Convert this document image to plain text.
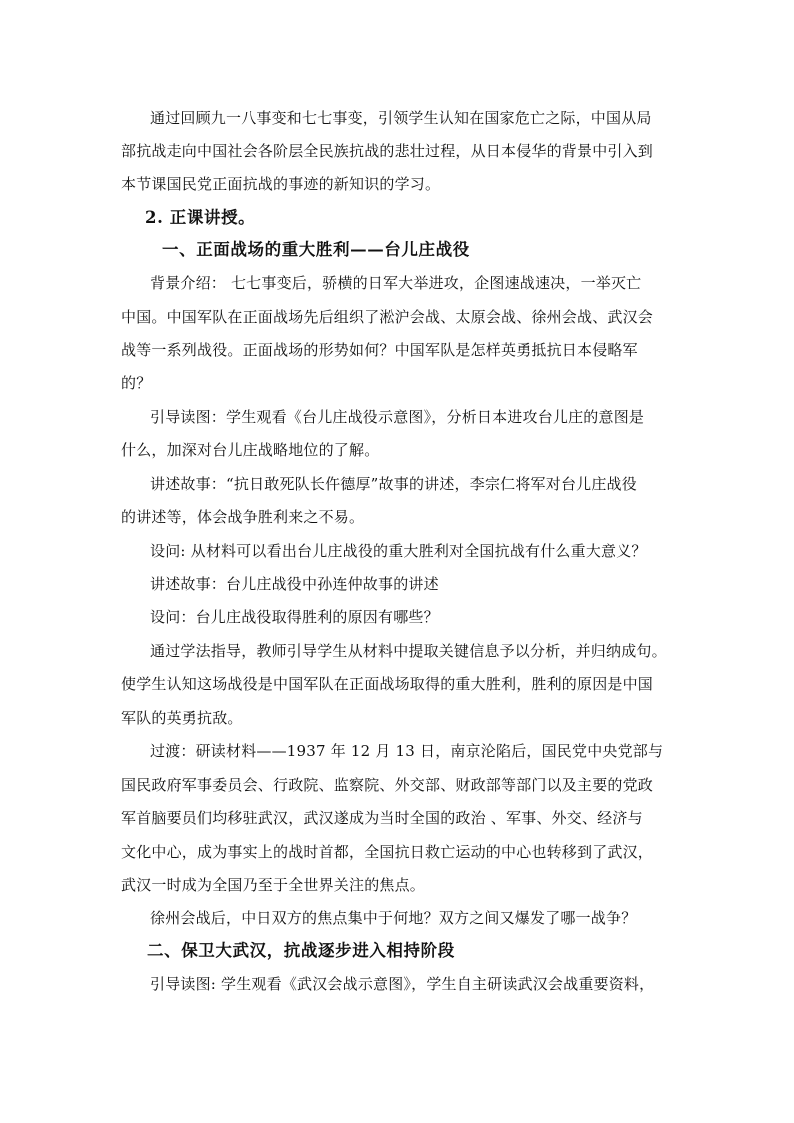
通过回顾九一八事变和七七事变，引领学生认知在国家危亡之际，中国从局
部抗战走向中国社会各阶层全民族抗战的悲壮过程，从日本侵华的背景中引入到
本节课国民党正面抗战的事迹的新知识的学习。
2. 正课讲授。
一、正面战场的重大胜利——台儿庄战役
背景介绍： 七七事变后，骄横的日军大举进攻，企图速战速决，一举灭亡
中国。中国军队在正面战场先后组织了淞沪会战、太原会战、徐州会战、武汉会
战等一系列战役。正面战场的形势如何？中国军队是怎样英勇抵抗日本侵略军
的？
引导读图：学生观看《台儿庄战役示意图》，分析日本进攻台儿庄的意图是
什么，加深对台儿庄战略地位的了解。
讲述故事：“抗日敢死队长仵德厚”故事的讲述，李宗仁将军对台儿庄战役
的讲述等，体会战争胜利来之不易。
设问: 从材料可以看出台儿庄战役的重大胜利对全国抗战有什么重大意义？
讲述故事：台儿庄战役中孙连仲故事的讲述
设问：台儿庄战役取得胜利的原因有哪些？
通过学法指导，教师引导学生从材料中提取关键信息予以分析，并归纳成句。
使学生认知这场战役是中国军队在正面战场取得的重大胜利，胜利的原因是中国
军队的英勇抗敌。
过渡：研读材料——1937 年 12 月 13 日，南京沦陷后，国民党中央党部与
国民政府军事委员会、行政院、监察院、外交部、财政部等部门以及主要的党政
军首脑要员们均移驻武汉，武汉遂成为当时全国的政治 、军事、外交、经济与
文化中心，成为事实上的战时首都，全国抗日救亡运动的中心也转移到了武汉，
武汉一时成为全国乃至于全世界关注的焦点。
徐州会战后，中日双方的焦点集中于何地？双方之间又爆发了哪一战争？
二、保卫大武汉，抗战逐步进入相持阶段
引导读图: 学生观看《武汉会战示意图》，学生自主研读武汉会战重要资料，
